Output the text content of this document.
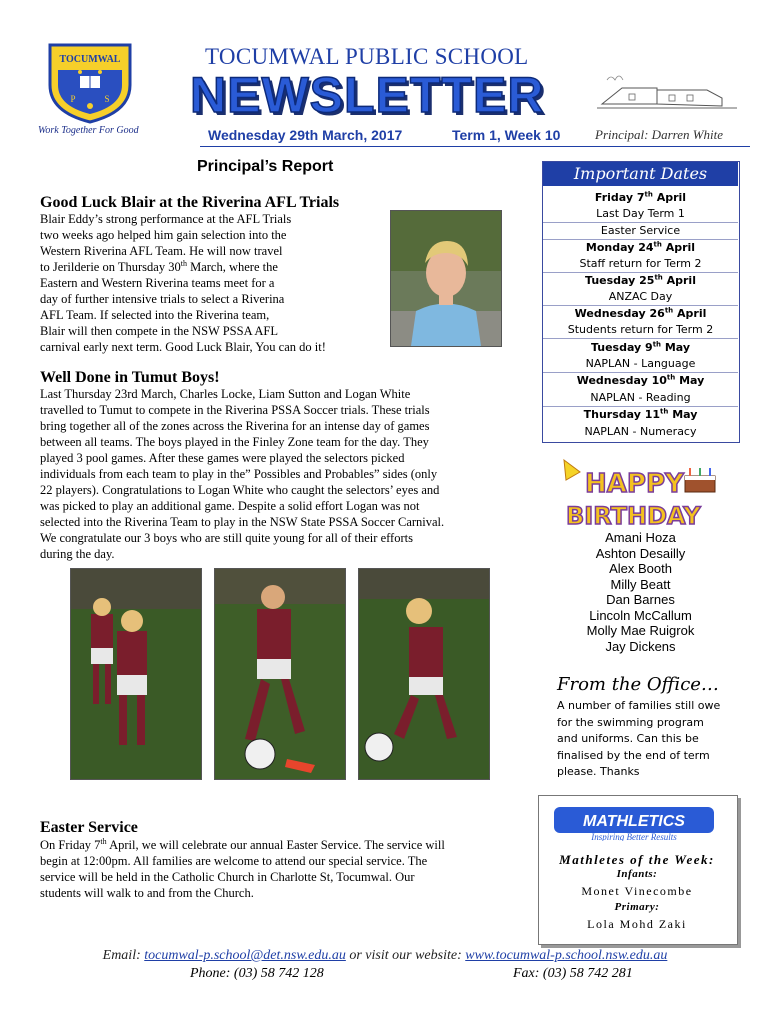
TOCUMWAL
P	S
Work Together For Good
TOCUMWAL PUBLIC SCHOOL
NEWSLETTER
Wednesday 29th March, 2017	Term 1, Week 10	Principal: Darren White
Principal’s Report
Good Luck Blair at the Riverina AFL Trials
Blair Eddy’s strong performance at the AFL Trials
two weeks ago helped him gain selection into the
Western Riverina AFL Team. He will now travel
to Jerilderie on Thursday 30th March, where the
Eastern and Western Riverina teams meet for a
day of further intensive trials to select a Riverina
AFL Team. If selected into the Riverina team,
Blair will then compete in the NSW PSSA AFL
carnival early next term. Good Luck Blair, You can do it!
Well Done in Tumut Boys!
Last Thursday 23rd March, Charles Locke, Liam Sutton and Logan White
travelled to Tumut to compete in the Riverina PSSA Soccer trials. These trials
bring together all of the zones across the Riverina for an intense day of games
between all teams. The boys played in the Finley Zone team for the day. They
played 3 pool games. After these games were played the selectors picked
individuals from each team to play in the” Possibles and Probables” sides (only
22 players). Congratulations to Logan White who caught the selectors’ eyes and
was picked to play an additional game. Despite a solid effort Logan was not
selected into the Riverina Team to play in the NSW State PSSA Soccer Carnival.
We congratulate our 3 boys who are still quite young for all of their efforts
during the day.
Easter Service
On Friday 7th April, we will celebrate our annual Easter Service. The service will
begin at 12:00pm. All families are welcome to attend our special service. The
service will be held in the Catholic Church in Charlotte St, Tocumwal. Our
students will walk to and from the Church.
Important Dates
Friday 7th April
Last Day Term 1
Easter Service
Monday 24th April
Staff return for Term 2
Tuesday 25th April
ANZAC Day
Wednesday 26th April
Students return for Term 2
Tuesday 9th May
NAPLAN - Language
Wednesday 10th May
NAPLAN - Reading
Thursday 11th May
NAPLAN - Numeracy
HAPPY
BIRTHDAY
Amani Hoza
Ashton Desailly
Alex Booth
Milly Beatt
Dan Barnes
Lincoln McCallum
Molly Mae Ruigrok
Jay Dickens
From the Office…
A number of families still owe
for the swimming program
and uniforms. Can this be
finalised by the end of term
please. Thanks
MATHLETICS
Inspiring Better Results
Mathletes of the Week:
Infants:
Monet Vinecombe
Primary:
Lola Mohd Zaki
Email: tocumwal-p.school@det.nsw.edu.au or visit our website: www.tocumwal-p.school.nsw.edu.au
Phone: (03) 58 742 128	Fax: (03) 58 742 281
